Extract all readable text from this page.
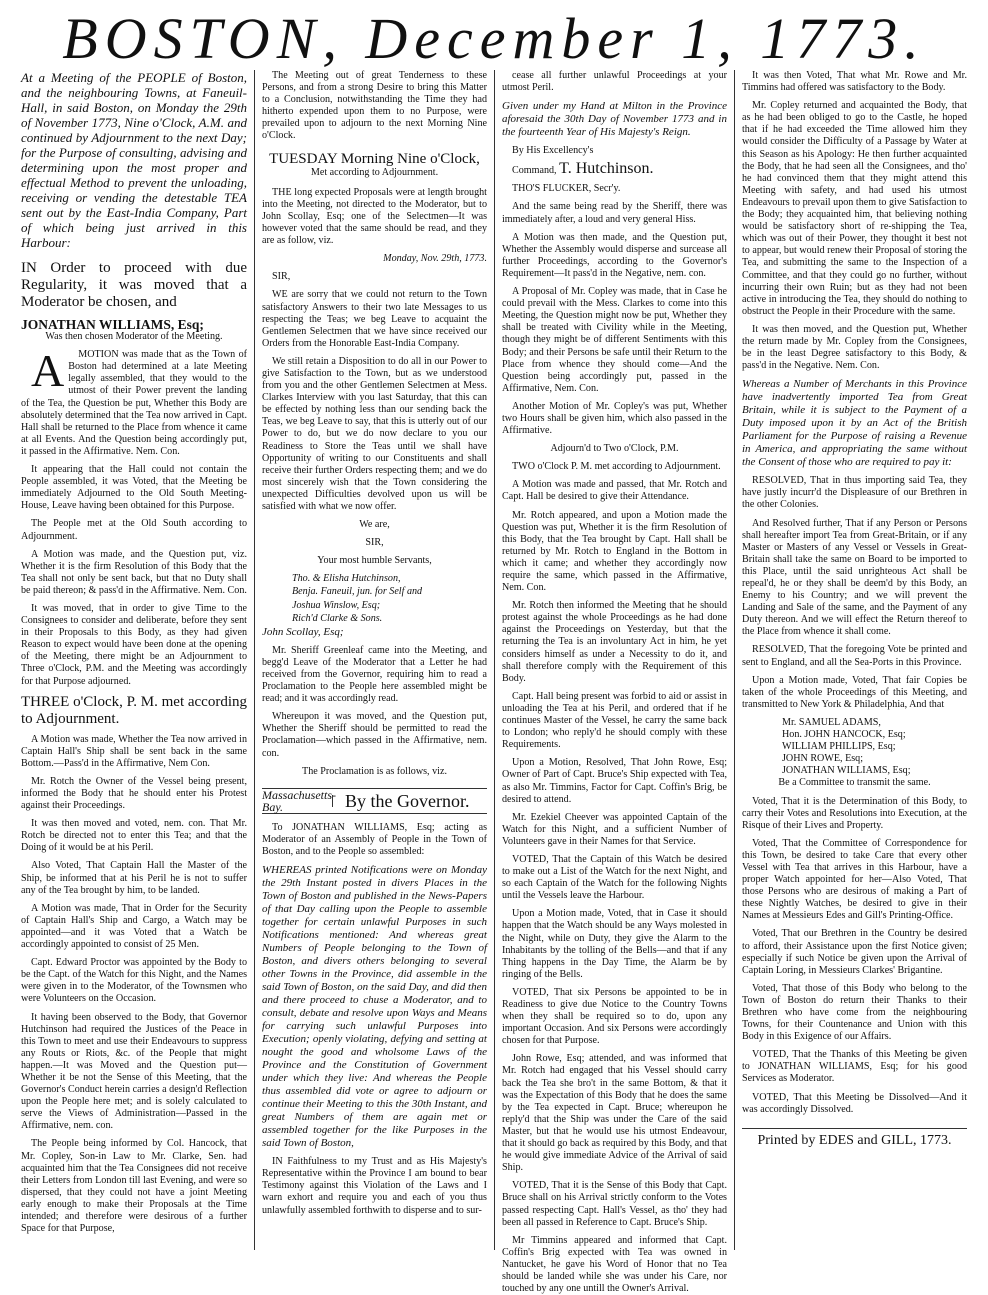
BOSTON, December 1, 1773.

At a Meeting of the PEOPLE of Boston, and the neighbouring Towns, at Faneuil-Hall, in said Boston, on Monday the 29th of November 1773, Nine o'Clock, A.M. and continued by Adjournment to the next Day; for the Purpose of consulting, advising and determining upon the most proper and effectual Method to prevent the unloading, receiving or vending the detestable TEA sent out by the East-India Company, Part of which being just arrived in this Harbour:

IN Order to proceed with due Regularity, it was moved that a Moderator be chosen, and

JONATHAN WILLIAMS, Esq;

Was then chosen Moderator of the Meeting.

A MOTION was made that as the Town of Boston had determined at a late Meeting legally assembled, that they would to the utmost of their Power prevent the landing of the Tea, the Question be put, Whether this Body are absolutely determined that the Tea now arrived in Capt. Hall shall be returned to the Place from whence it came at all Events. And the Question being accordingly put, it passed in the Affirmative. Nem. Con.

It appearing that the Hall could not contain the People assembled, it was Voted, that the Meeting be immediately Adjourned to the Old South Meeting-House, Leave having been obtained for this Purpose.

The People met at the Old South according to Adjournment.

A Motion was made, and the Question put, viz. Whether it is the firm Resolution of this Body that the Tea shall not only be sent back, but that no Duty shall be paid thereon; & pass'd in the Affirmative. Nem. Con.

It was moved, that in order to give Time to the Consignees to consider and deliberate, before they sent in their Proposals to this Body, as they had given Reason to expect would have been done at the opening of the Meeting, there might be an Adjournment to Three o'Clock, P.M. and the Meeting was accordingly for that Purpose adjourned.

THREE o'Clock, P. M. met according to Adjournment.

A Motion was made, Whether the Tea now arrived in Captain Hall's Ship shall be sent back in the same Bottom.—Pass'd in the Affirmative, Nem Con.

Mr. Rotch the Owner of the Vessel being present, informed the Body that he should enter his Protest against their Proceedings.

It was then moved and voted, nem. con. That Mr. Rotch be directed not to enter this Tea; and that the Doing of it would be at his Peril.

Also Voted, That Captain Hall the Master of the Ship, be informed that at his Peril he is not to suffer any of the Tea brought by him, to be landed.

A Motion was made, That in Order for the Security of Captain Hall's Ship and Cargo, a Watch may be appointed—and it was Voted that a Watch be accordingly appointed to consist of 25 Men.

Capt. Edward Proctor was appointed by the Body to be the Capt. of the Watch for this Night, and the Names were given in to the Moderator, of the Townsmen who were Volunteers on the Occasion.

It having been observed to the Body, that Governor Hutchinson had required the Justices of the Peace in this Town to meet and use their Endeavours to suppress any Routs or Riots, &c. of the People that might happen.—It was Moved and the Question put—Whether it be not the Sense of this Meeting, that the Governor's Conduct herein carries a design'd Reflection upon the People here met; and is solely calculated to serve the Views of Administration—Passed in the Affirmative, nem. con.

The People being informed by Col. Hancock, that Mr. Copley, Son-in Law to Mr. Clarke, Sen. had acquainted him that the Tea Consignees did not receive their Letters from London till last Evening, and were so dispersed, that they could not have a joint Meeting early enough to make their Proposals at the Time intended; and therefore were desirous of a further Space for that Purpose,

The Meeting out of great Tenderness to these Persons, and from a strong Desire to bring this Matter to a Conclusion, notwithstanding the Time they had hitherto expended upon them to no Purpose, were prevailed upon to adjourn to the next Morning Nine o'Clock.

TUESDAY Morning Nine o'Clock,

Met according to Adjournment.

THE long expected Proposals were at length brought into the Meeting, not directed to the Moderator, but to John Scollay, Esq; one of the Selectmen—It was however voted that the same should be read, and they are as follow, viz.

Monday, Nov. 29th, 1773.

SIR,

WE are sorry that we could not return to the Town satisfactory Answers to their two late Messages to us respecting the Teas; we beg Leave to acquaint the Gentlemen Selectmen that we have since received our Orders from the Honorable East-India Company.

We still retain a Disposition to do all in our Power to give Satisfaction to the Town, but as we understood from you and the other Gentlemen Selectmen at Mess. Clarkes Interview with you last Saturday, that this can be effected by nothing less than our sending back the Teas, we beg Leave to say, that this is utterly out of our Power to do, but we do now declare to you our Readiness to Store the Teas until we shall have Opportunity of writing to our Constituents and shall receive their further Orders respecting them; and we do most sincerely wish that the Town considering the unexpected Difficulties devolved upon us will be satisfied with what we now offer.

We are,

SIR,

Your most humble Servants,

Tho. & Elisha Hutchinson,

Benja. Faneuil, jun. for Self and

Joshua Winslow, Esq;

Rich'd Clarke & Sons.

John Scollay, Esq;

Mr. Sheriff Greenleaf came into the Meeting, and begg'd Leave of the Moderator that a Letter he had received from the Governor, requiring him to read a Proclamation to the People here assembled might be read; and it was accordingly read.

Whereupon it was moved, and the Question put, Whether the Sheriff should be permitted to read the Proclamation—which passed in the Affirmative, nem. con.

The Proclamation is as follows, viz.

Massachusetts-Bay.	By the Governor.

To JONATHAN WILLIAMS, Esq; acting as Moderator of an Assembly of People in the Town of Boston, and to the People so assembled:

WHEREAS printed Notifications were on Monday the 29th Instant posted in divers Places in the Town of Boston and published in the News-Papers of that Day calling upon the People to assemble together for certain unlawful Purposes in such Notifications mentioned: And whereas great Numbers of People belonging to the Town of Boston, and divers others belonging to several other Towns in the Province, did assemble in the said Town of Boston, on the said Day, and did then and there proceed to chuse a Moderator, and to consult, debate and resolve upon Ways and Means for carrying such unlawful Purposes into Execution; openly violating, defying and setting at nought the good and wholsome Laws of the Province and the Constitution of Government under which they live: And whereas the People thus assembled did vote or agree to adjourn or continue their Meeting to this the 30th Instant, and great Numbers of them are again met or assembled together for the like Purposes in the said Town of Boston,

IN Faithfulness to my Trust and as His Majesty's Representative within the Province I am bound to bear Testimony against this Violation of the Laws and I warn exhort and require you and each of you thus unlawfully assembled forthwith to disperse and to sur-

cease all further unlawful Proceedings at your utmost Peril.

Given under my Hand at Milton in the Province aforesaid the 30th Day of November 1773 and in the fourteenth Year of His Majesty's Reign.

By His Excellency's

Command, T. Hutchinson.

THO'S FLUCKER, Secr'y.

And the same being read by the Sheriff, there was immediately after, a loud and very general Hiss.

A Motion was then made, and the Question put, Whether the Assembly would disperse and surcease all further Proceedings, according to the Governor's Requirement—It pass'd in the Negative, nem. con.

A Proposal of Mr. Copley was made, that in Case he could prevail with the Mess. Clarkes to come into this Meeting, the Question might now be put, Whether they shall be treated with Civility while in the Meeting, though they might be of different Sentiments with this Body; and their Persons be safe until their Return to the Place from whence they should come—And the Question being accordingly put, passed in the Affirmative, Nem. Con.

Another Motion of Mr. Copley's was put, Whether two Hours shall be given him, which also passed in the Affirmative.

Adjourn'd to Two o'Clock, P.M.

TWO o'Clock P. M. met according to Adjournment.

A Motion was made and passed, that Mr. Rotch and Capt. Hall be desired to give their Attendance.

Mr. Rotch appeared, and upon a Motion made the Question was put, Whether it is the firm Resolution of this Body, that the Tea brought by Capt. Hall shall be returned by Mr. Rotch to England in the Bottom in which it came; and whether they accordingly now require the same, which passed in the Affirmative, Nem. Con.

Mr. Rotch then informed the Meeting that he should protest against the whole Proceedings as he had done against the Proceedings on Yesterday, but that the returning the Tea is an involuntary Act in him, he yet considers himself as under a Necessity to do it, and shall therefore comply with the Requirement of this Body.

Capt. Hall being present was forbid to aid or assist in unloading the Tea at his Peril, and ordered that if he continues Master of the Vessel, he carry the same back to London; who reply'd he should comply with these Requirements.

Upon a Motion, Resolved, That John Rowe, Esq; Owner of Part of Capt. Bruce's Ship expected with Tea, as also Mr. Timmins, Factor for Capt. Coffin's Brig, be desired to attend.

Mr. Ezekiel Cheever was appointed Captain of the Watch for this Night, and a sufficient Number of Volunteers gave in their Names for that Service.

VOTED, That the Captain of this Watch be desired to make out a List of the Watch for the next Night, and so each Captain of the Watch for the following Nights until the Vessels leave the Harbour.

Upon a Motion made, Voted, that in Case it should happen that the Watch should be any Ways molested in the Night, while on Duty, they give the Alarm to the Inhabitants by the tolling of the Bells—and that if any Thing happens in the Day Time, the Alarm be by ringing of the Bells.

VOTED, That six Persons be appointed to be in Readiness to give due Notice to the Country Towns when they shall be required so to do, upon any important Occasion. And six Persons were accordingly chosen for that Purpose.

John Rowe, Esq; attended, and was informed that Mr. Rotch had engaged that his Vessel should carry back the Tea she bro't in the same Bottom, & that it was the Expectation of this Body that he does the same by the Tea expected in Capt. Bruce; whereupon he reply'd that the Ship was under the Care of the said Master, but that he would use his utmost Endeavour, that it should go back as required by this Body, and that he would give immediate Advice of the Arrival of said Ship.

VOTED, That it is the Sense of this Body that Capt. Bruce shall on his Arrival strictly conform to the Votes passed respecting Capt. Hall's Vessel, as tho' they had been all passed in Reference to Capt. Bruce's Ship.

Mr Timmins appeared and informed that Capt. Coffin's Brig expected with Tea was owned in Nantucket, he gave his Word of Honor that no Tea should be landed while she was under his Care, nor touched by any one untill the Owner's Arrival.

It was then Voted, That what Mr. Rowe and Mr. Timmins had offered was satisfactory to the Body.

Mr. Copley returned and acquainted the Body, that as he had been obliged to go to the Castle, he hoped that if he had exceeded the Time allowed him they would consider the Difficulty of a Passage by Water at this Season as his Apology: He then further acquainted the Body, that he had seen all the Consignees, and tho' he had convinced them that they might attend this Meeting with safety, and had used his utmost Endeavours to prevail upon them to give Satisfaction to the Body; they acquainted him, that believing nothing would be satisfactory short of re-shipping the Tea, which was out of their Power, they thought it best not to appear, but would renew their Proposal of storing the Tea, and submitting the same to the Inspection of a Committee, and that they could go no further, without incurring their own Ruin; but as they had not been active in introducing the Tea, they should do nothing to obstruct the People in their Procedure with the same.

It was then moved, and the Question put, Whether the return made by Mr. Copley from the Consignees, be in the least Degree satisfactory to this Body, & pass'd in the Negative. Nem. Con.

Whereas a Number of Merchants in this Province have inadvertently imported Tea from Great Britain, while it is subject to the Payment of a Duty imposed upon it by an Act of the British Parliament for the Purpose of raising a Revenue in America, and appropriating the same without the Consent of those who are required to pay it:

RESOLVED, That in thus importing said Tea, they have justly incurr'd the Displeasure of our Brethren in the other Colonies.

And Resolved further, That if any Person or Persons shall hereafter import Tea from Great-Britain, or if any Master or Masters of any Vessel or Vessels in Great-Britain shall take the same on Board to be imported to this Place, until the said unrighteous Act shall be repeal'd, he or they shall be deem'd by this Body, an Enemy to his Country; and we will prevent the Landing and Sale of the same, and the Payment of any Duty thereon. And we will effect the Return thereof to the Place from whence it shall come.

RESOLVED, That the foregoing Vote be printed and sent to England, and all the Sea-Ports in this Province.

Upon a Motion made, Voted, That fair Copies be taken of the whole Proceedings of this Meeting, and transmitted to New York & Philadelphia, And that

Mr. SAMUEL ADAMS,

Hon. JOHN HANCOCK, Esq;

WILLIAM PHILLIPS, Esq;

JOHN ROWE, Esq;

JONATHAN WILLIAMS, Esq;

Be a Committee to transmit the same.

Voted, That it is the Determination of this Body, to carry their Votes and Resolutions into Execution, at the Risque of their Lives and Property.

Voted, That the Committee of Correspondence for this Town, be desired to take Care that every other Vessel with Tea that arrives in this Harbour, have a proper Watch appointed for her—Also Voted, That those Persons who are desirous of making a Part of these Nightly Watches, be desired to give in their Names at Messieurs Edes and Gill's Printing-Office.

Voted, That our Brethren in the Country be desired to afford, their Assistance upon the first Notice given; especially if such Notice be given upon the Arrival of Captain Loring, in Messieurs Clarkes' Brigantine.

Voted, That those of this Body who belong to the Town of Boston do return their Thanks to their Brethren who have come from the neighbouring Towns, for their Countenance and Union with this Body in this Exigence of our Affairs.

VOTED, That the Thanks of this Meeting be given to JONATHAN WILLIAMS, Esq; for his good Services as Moderator.

VOTED, That this Meeting be Dissolved—And it was accordingly Dissolved.

Printed by EDES and GILL, 1773.
